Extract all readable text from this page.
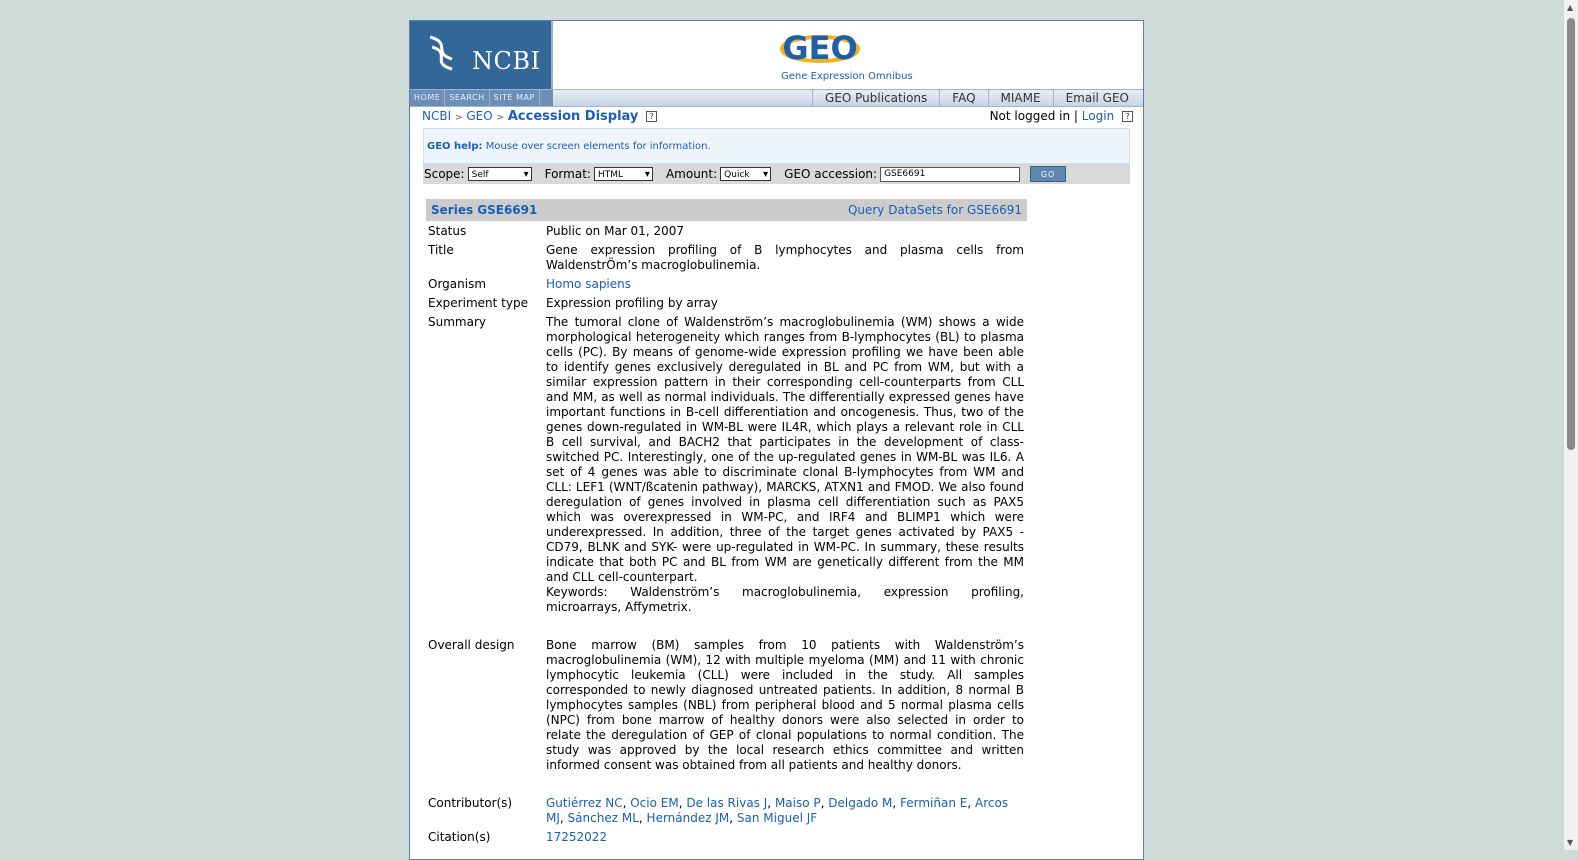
NCBI	GEO
Gene Expression Omnibus
HOME	SEARCH	SITE MAP	GEO Publications	FAQ	MIAME	Email GEO
NCBI > GEO > Accession Display ?	Not logged in | Login ?
GEO help: Mouse over screen elements for information.
Scope: Self ▾	Format: HTML ▾	Amount: Quick ▾	GEO accession: GSE6691	GO
Series GSE6691	Query DataSets for GSE6691
Status	Public on Mar 01, 2007
Title	Gene expression profiling of B lymphocytes and plasma cells from WaldenstrÖm’s macroglobulinemia.
Organism	Homo sapiens
Experiment type	Expression profiling by array
Summary	The tumoral clone of Waldenström’s macroglobulinemia (WM) shows a wide morphological heterogeneity which ranges from B-lymphocytes (BL) to plasma cells (PC). By means of genome-wide expression profiling we have been able to identify genes exclusively deregulated in BL and PC from WM, but with a similar expression pattern in their corresponding cell-counterparts from CLL and MM, as well as normal individuals. The differentially expressed genes have important functions in B-cell differentiation and oncogenesis. Thus, two of the genes down-regulated in WM-BL were IL4R, which plays a relevant role in CLL B cell survival, and BACH2 that participates in the development of class-switched PC. Interestingly, one of the up-regulated genes in WM-BL was IL6. A set of 4 genes was able to discriminate clonal B-lymphocytes from WM and CLL: LEF1 (WNT/ßcatenin pathway), MARCKS, ATXN1 and FMOD. We also found deregulation of genes involved in plasma cell differentiation such as PAX5 which was overexpressed in WM-PC, and IRF4 and BLIMP1 which were underexpressed. In addition, three of the target genes activated by PAX5 -CD79, BLNK and SYK- were up-regulated in WM-PC. In summary, these results indicate that both PC and BL from WM are genetically different from the MM and CLL cell-counterpart.
Keywords: Waldenström’s macroglobulinemia, expression profiling, microarrays, Affymetrix.
Overall design	Bone marrow (BM) samples from 10 patients with Waldenström’s macroglobulinemia (WM), 12 with multiple myeloma (MM) and 11 with chronic lymphocytic leukemia (CLL) were included in the study. All samples corresponded to newly diagnosed untreated patients. In addition, 8 normal B lymphocytes samples (NBL) from peripheral blood and 5 normal plasma cells (NPC) from bone marrow of healthy donors were also selected in order to relate the deregulation of GEP of clonal populations to normal condition. The study was approved by the local research ethics committee and written informed consent was obtained from all patients and healthy donors.
Contributor(s)	Gutiérrez NC, Ocio EM, De las Rivas J, Maiso P, Delgado M, Fermiñan E, Arcos MJ, Sánchez ML, Hernández JM, San Miguel JF
Citation(s)	17252022
▲
▼
